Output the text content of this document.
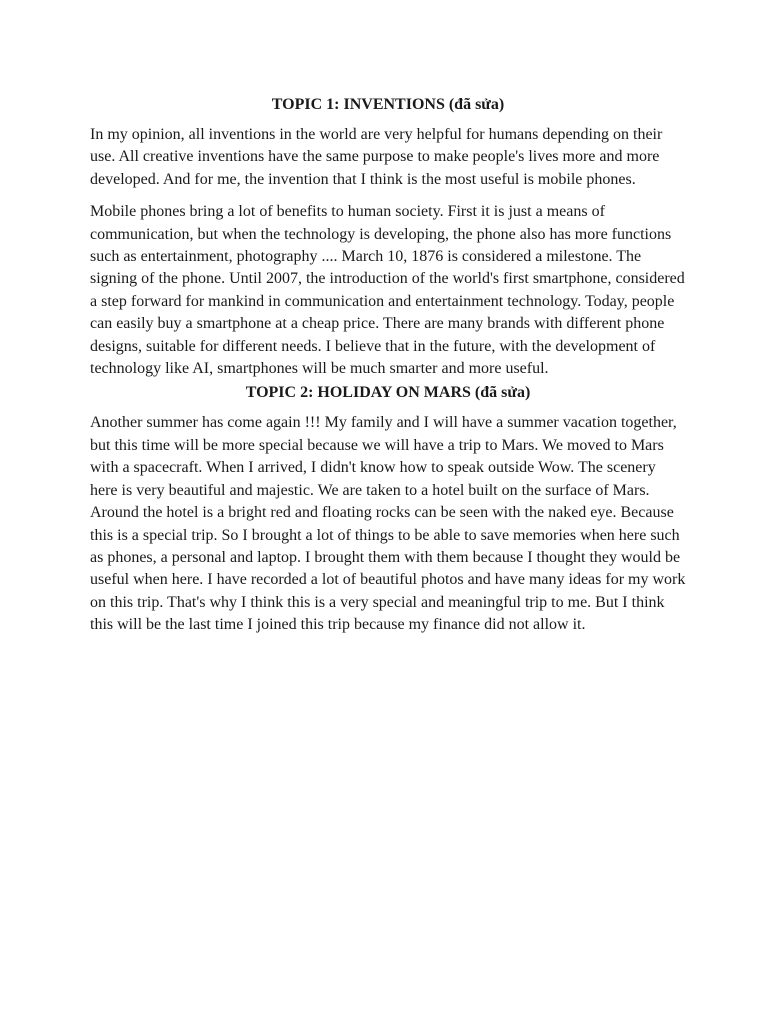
TOPIC 1: INVENTIONS (đã sửa)

In my opinion, all inventions in the world are very helpful for humans depending on their use. All creative inventions have the same purpose to make people's lives more and more developed. And for me, the invention that I think is the most useful is mobile phones.

Mobile phones bring a lot of benefits to human society. First it is just a means of communication, but when the technology is developing, the phone also has more functions such as entertainment, photography .... March 10, 1876 is considered a milestone. The signing of the phone. Until 2007, the introduction of the world's first smartphone, considered a step forward for mankind in communication and entertainment technology. Today, people can easily buy a smartphone at a cheap price. There are many brands with different phone designs, suitable for different needs. I believe that in the future, with the development of technology like AI, smartphones will be much smarter and more useful.

TOPIC 2: HOLIDAY ON MARS (đã sửa)

Another summer has come again !!! My family and I will have a summer vacation together, but this time will be more special because we will have a trip to Mars. We moved to Mars with a spacecraft. When I arrived, I didn't know how to speak outside Wow. The scenery here is very beautiful and majestic. We are taken to a hotel built on the surface of Mars. Around the hotel is a bright red and floating rocks can be seen with the naked eye. Because this is a special trip. So I brought a lot of things to be able to save memories when here such as phones, a personal and laptop. I brought them with them because I thought they would be useful when here. I have recorded a lot of beautiful photos and have many ideas for my work on this trip. That's why I think this is a very special and meaningful trip to me. But I think this will be the last time I joined this trip because my finance did not allow it.
